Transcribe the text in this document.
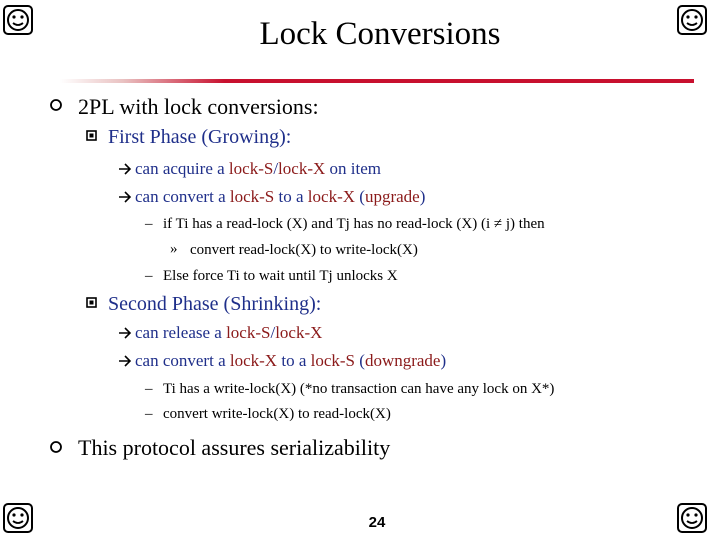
Lock Conversions
2PL with lock conversions:
First Phase (Growing):
can acquire a lock-S/lock-X on item
can convert a lock-S to a lock-X (upgrade)
– if Ti has a read-lock (X) and Tj has no read-lock (X) (i ≠ j) then
» convert read-lock(X) to write-lock(X)
– Else force Ti to wait until Tj unlocks X
Second Phase (Shrinking):
can release a lock-S/lock-X
can convert a lock-X to a lock-S (downgrade)
– Ti has a write-lock(X) (*no transaction can have any lock on X*)
– convert write-lock(X) to read-lock(X)
This protocol assures serializability
24
